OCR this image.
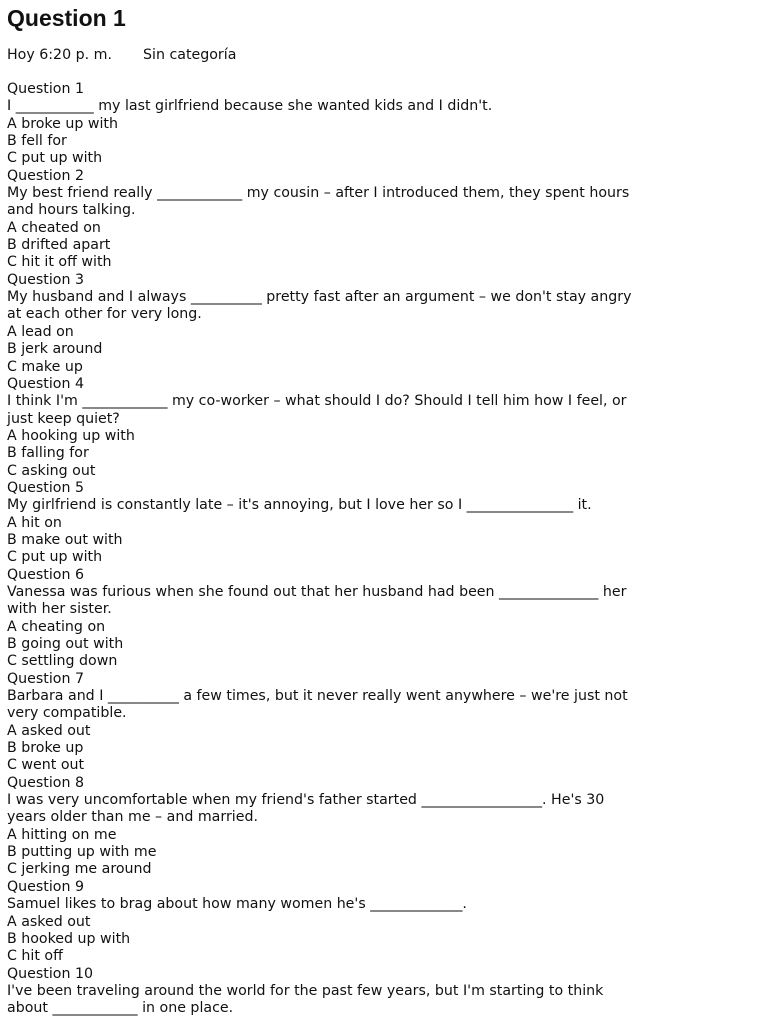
Question 1
Hoy 6:20 p. m.	Sin categoría
Question 1
I ___________ my last girlfriend because she wanted kids and I didn't.
A broke up with
B fell for
C put up with
Question 2
My best friend really ____________ my cousin – after I introduced them, they spent hours and hours talking.
A cheated on
B drifted apart
C hit it off with
Question 3
My husband and I always __________ pretty fast after an argument – we don't stay angry at each other for very long.
A lead on
B jerk around
C make up
Question 4
I think I'm ____________ my co-worker – what should I do? Should I tell him how I feel, or just keep quiet?
A hooking up with
B falling for
C asking out
Question 5
My girlfriend is constantly late – it's annoying, but I love her so I _______________ it.
A hit on
B make out with
C put up with
Question 6
Vanessa was furious when she found out that her husband had been ______________ her with her sister.
A cheating on
B going out with
C settling down
Question 7
Barbara and I __________ a few times, but it never really went anywhere – we're just not very compatible.
A asked out
B broke up
C went out
Question 8
I was very uncomfortable when my friend's father started _________________. He's 30 years older than me – and married.
A hitting on me
B putting up with me
C jerking me around
Question 9
Samuel likes to brag about how many women he's _____________.
A asked out
B hooked up with
C hit off
Question 10
I've been traveling around the world for the past few years, but I'm starting to think about ____________ in one place.
